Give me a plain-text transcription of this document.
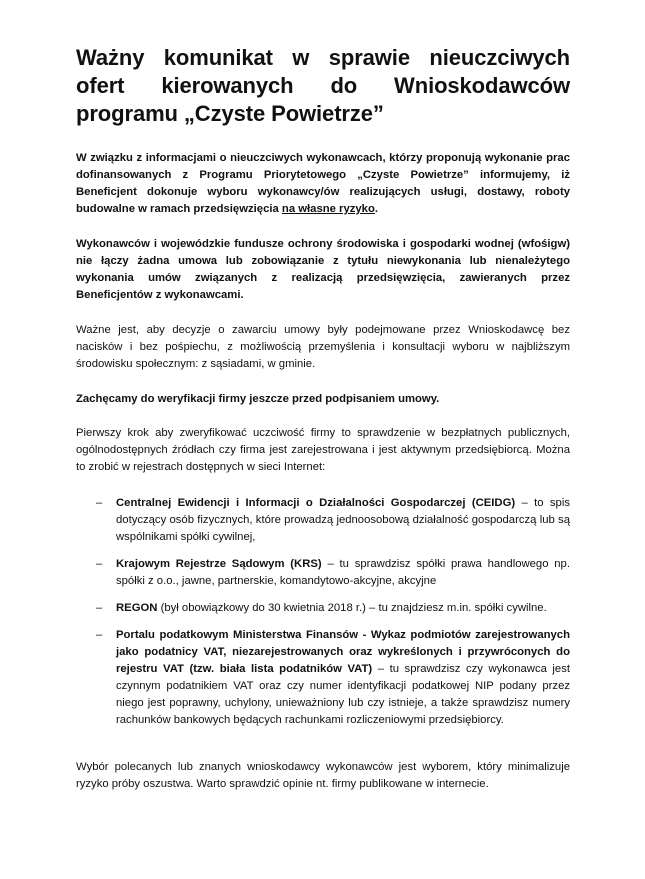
Ważny komunikat w sprawie nieuczciwych ofert kierowanych do Wnioskodawców programu „Czyste Powietrze”

W związku z informacjami o nieuczciwych wykonawcach, którzy proponują wykonanie prac dofinansowanych z Programu Priorytetowego „Czyste Powietrze” informujemy, iż Beneficjent dokonuje wyboru wykonawcy/ów realizujących usługi, dostawy, roboty budowalne w ramach przedsięwzięcia na własne ryzyko.

Wykonawców i wojewódzkie fundusze ochrony środowiska i gospodarki wodnej (wfośigw) nie łączy żadna umowa lub zobowiązanie z tytułu niewykonania lub nienależytego wykonania umów związanych z realizacją przedsięwzięcia, zawieranych przez Beneficjentów z wykonawcami.

Ważne jest, aby decyzje o zawarciu umowy były podejmowane przez Wnioskodawcę bez nacisków i bez pośpiechu, z możliwością przemyślenia i konsultacji wyboru w najbliższym środowisku społecznym: z sąsiadami, w gminie.

Zachęcamy do weryfikacji firmy jeszcze przed podpisaniem umowy.

Pierwszy krok aby zweryfikować uczciwość firmy to sprawdzenie w bezpłatnych publicznych, ogólnodostępnych źródłach czy firma jest zarejestrowana i jest aktywnym przedsiębiorcą. Można to zrobić w rejestrach dostępnych w sieci Internet:

– Centralnej Ewidencji i Informacji o Działalności Gospodarczej (CEIDG) – to spis dotyczący osób fizycznych, które prowadzą jednoosobową działalność gospodarczą lub są wspólnikami spółki cywilnej,
– Krajowym Rejestrze Sądowym (KRS) – tu sprawdzisz spółki prawa handlowego np. spółki z o.o., jawne, partnerskie, komandytowo-akcyjne, akcyjne
– REGON (był obowiązkowy do 30 kwietnia 2018 r.) – tu znajdziesz m.in. spółki cywilne.
– Portalu podatkowym Ministerstwa Finansów - Wykaz podmiotów zarejestrowanych jako podatnicy VAT, niezarejestrowanych oraz wykreślonych i przywróconych do rejestru VAT (tzw. biała lista podatników VAT) – tu sprawdzisz czy wykonawca jest czynnym podatnikiem VAT oraz czy numer identyfikacji podatkowej NIP podany przez niego jest poprawny, uchylony, unieważniony lub czy istnieje, a także sprawdzisz numery rachunków bankowych będących rachunkami rozliczeniowymi przedsiębiorcy.

Wybór polecanych lub znanych wnioskodawcy wykonawców jest wyborem, który minimalizuje ryzyko próby oszustwa. Warto sprawdzić opinie nt. firmy publikowane w internecie.
